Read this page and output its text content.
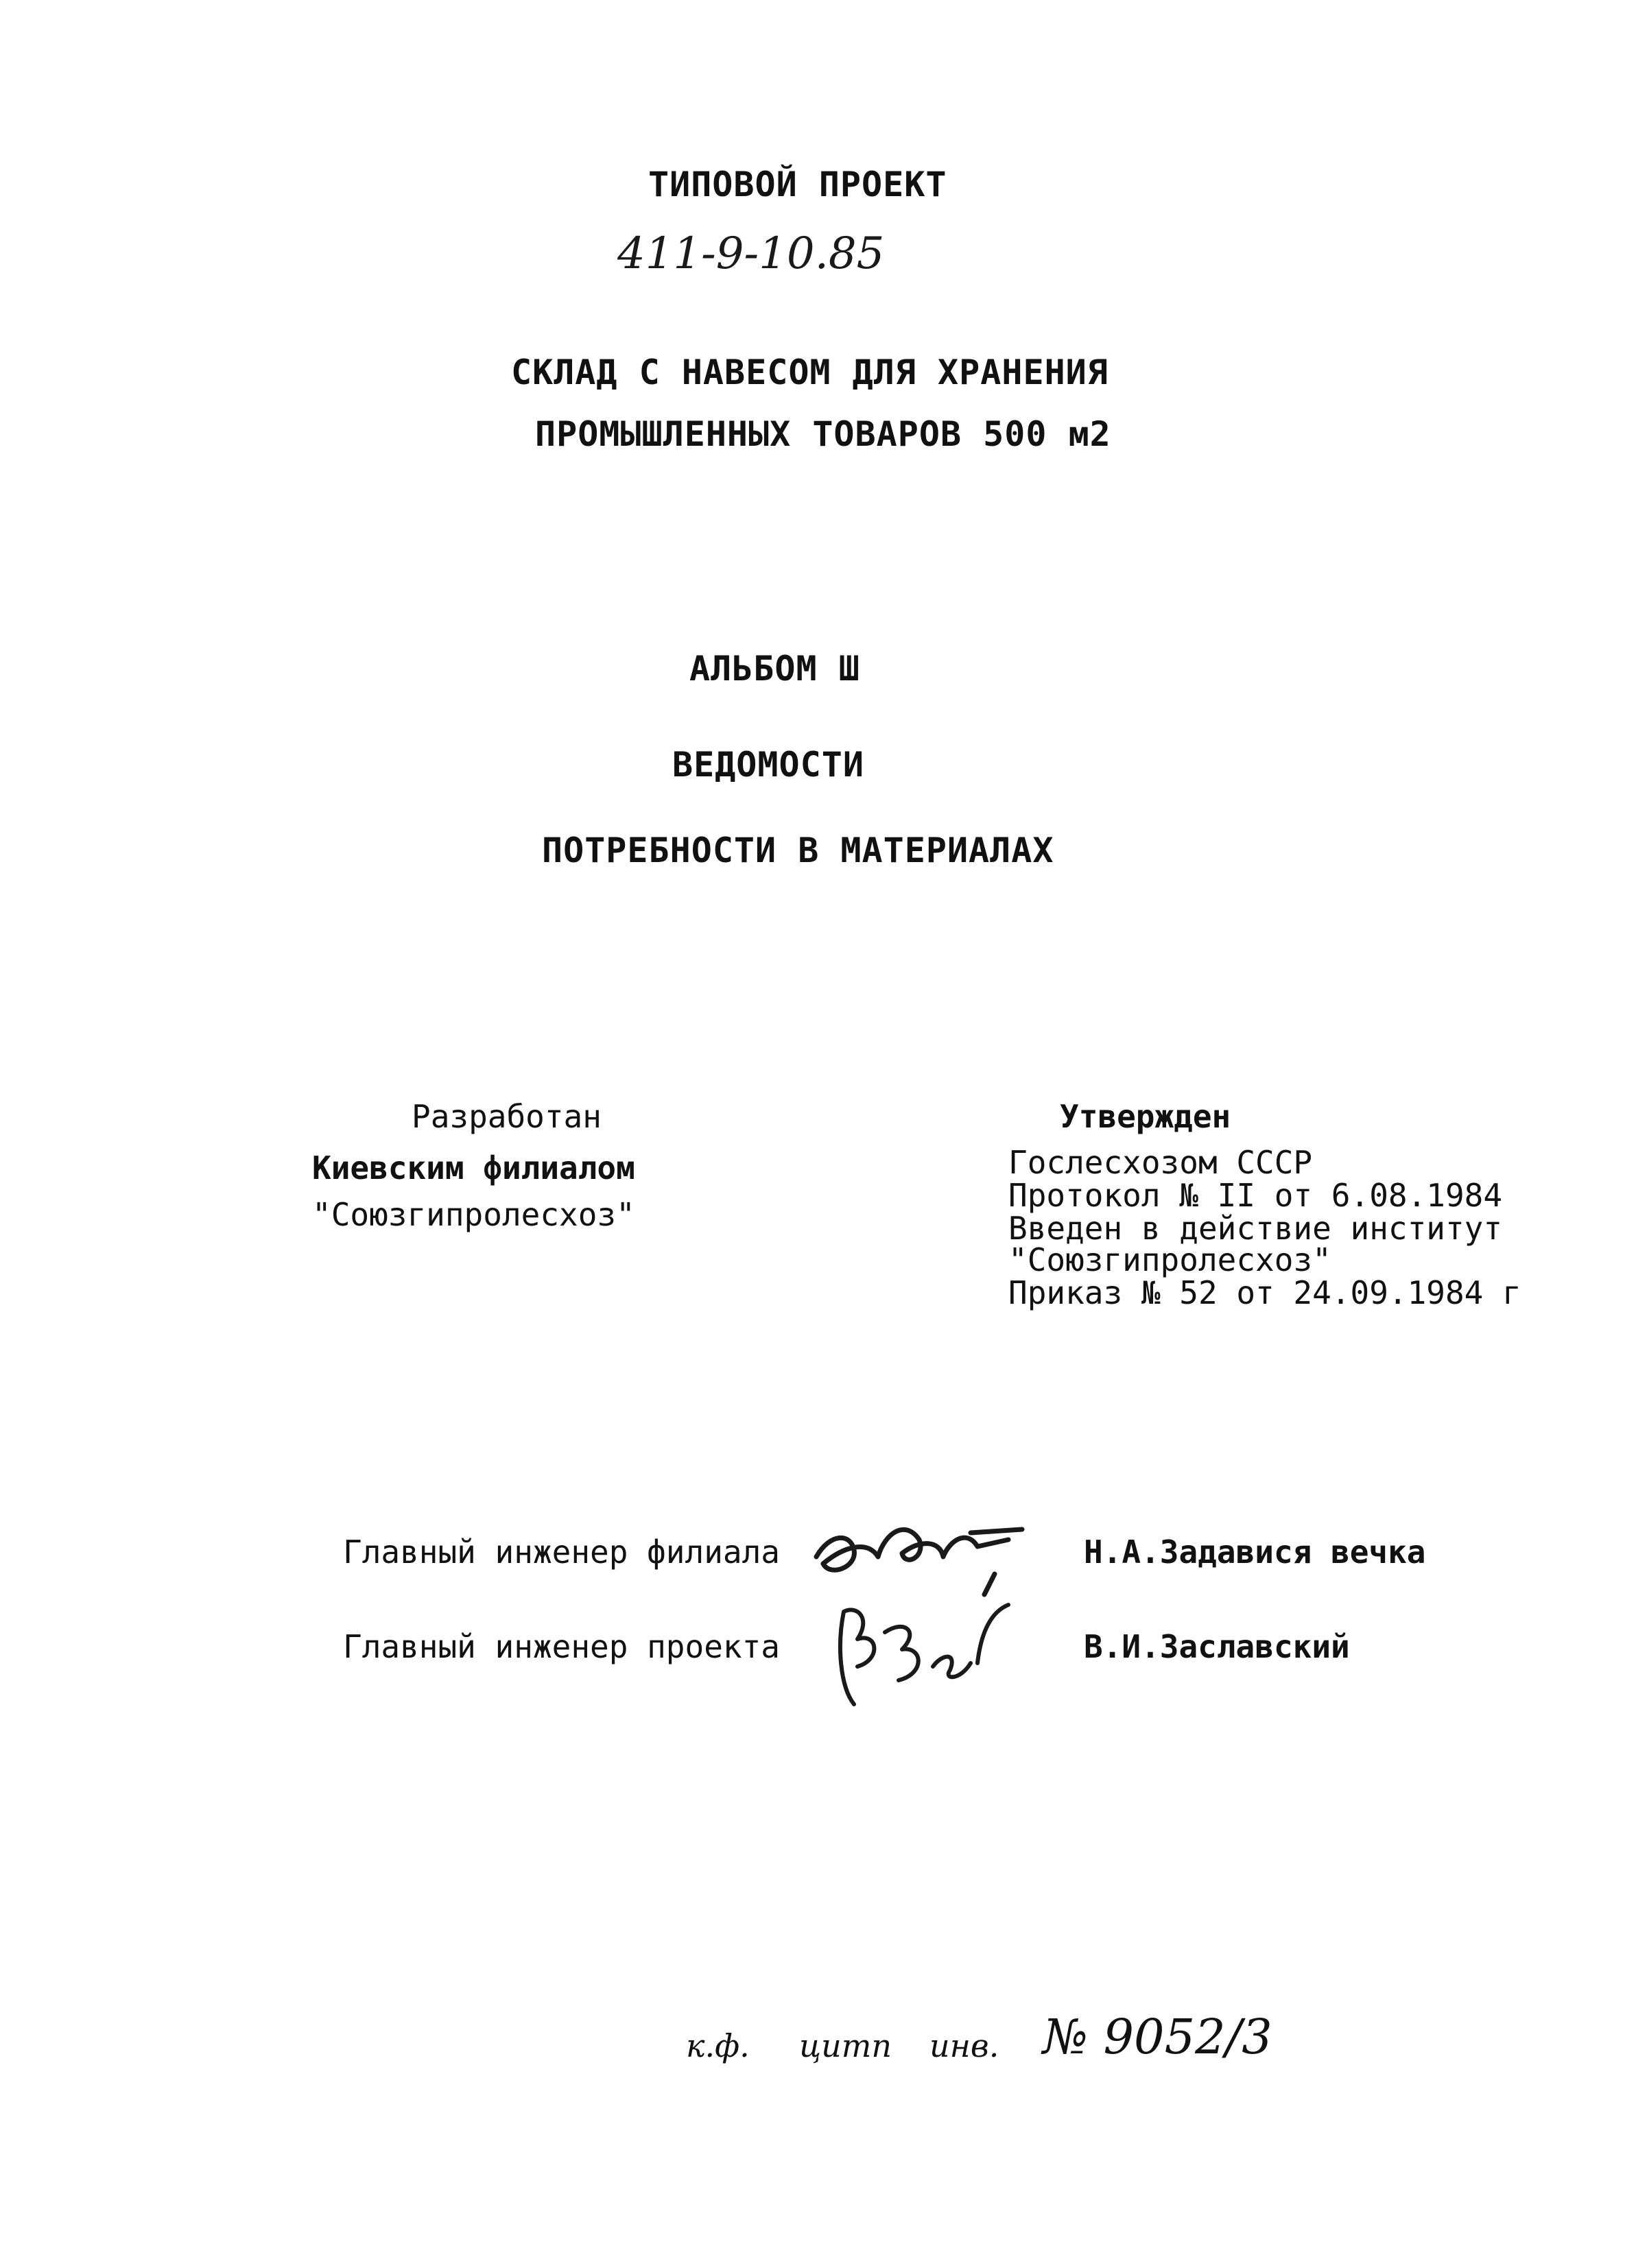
ТИПОВОЙ ПРОЕКТ
411-9-10.85
СКЛАД С НАВЕСОМ ДЛЯ ХРАНЕНИЯ
ПРОМЫШЛЕННЫХ ТОВАРОВ 500 м2
АЛЬБОМ Ш
ВЕДОМОСТИ
ПОТРЕБНОСТИ В МАТЕРИАЛАХ
Разработан
Киевским филиалом
"Союзгипролесхоз"
Утвержден
Гослесхозом СССР
Протокол № II от 6.08.1984
Введен в действие институт
"Союзгипролесхоз"
Приказ № 52 от 24.09.1984 г
Главный инженер филиала	Н.А.Задавися вечка
Главный инженер проекта	В.И.Заславский
к.ф. цитп инв. № 9052/3
